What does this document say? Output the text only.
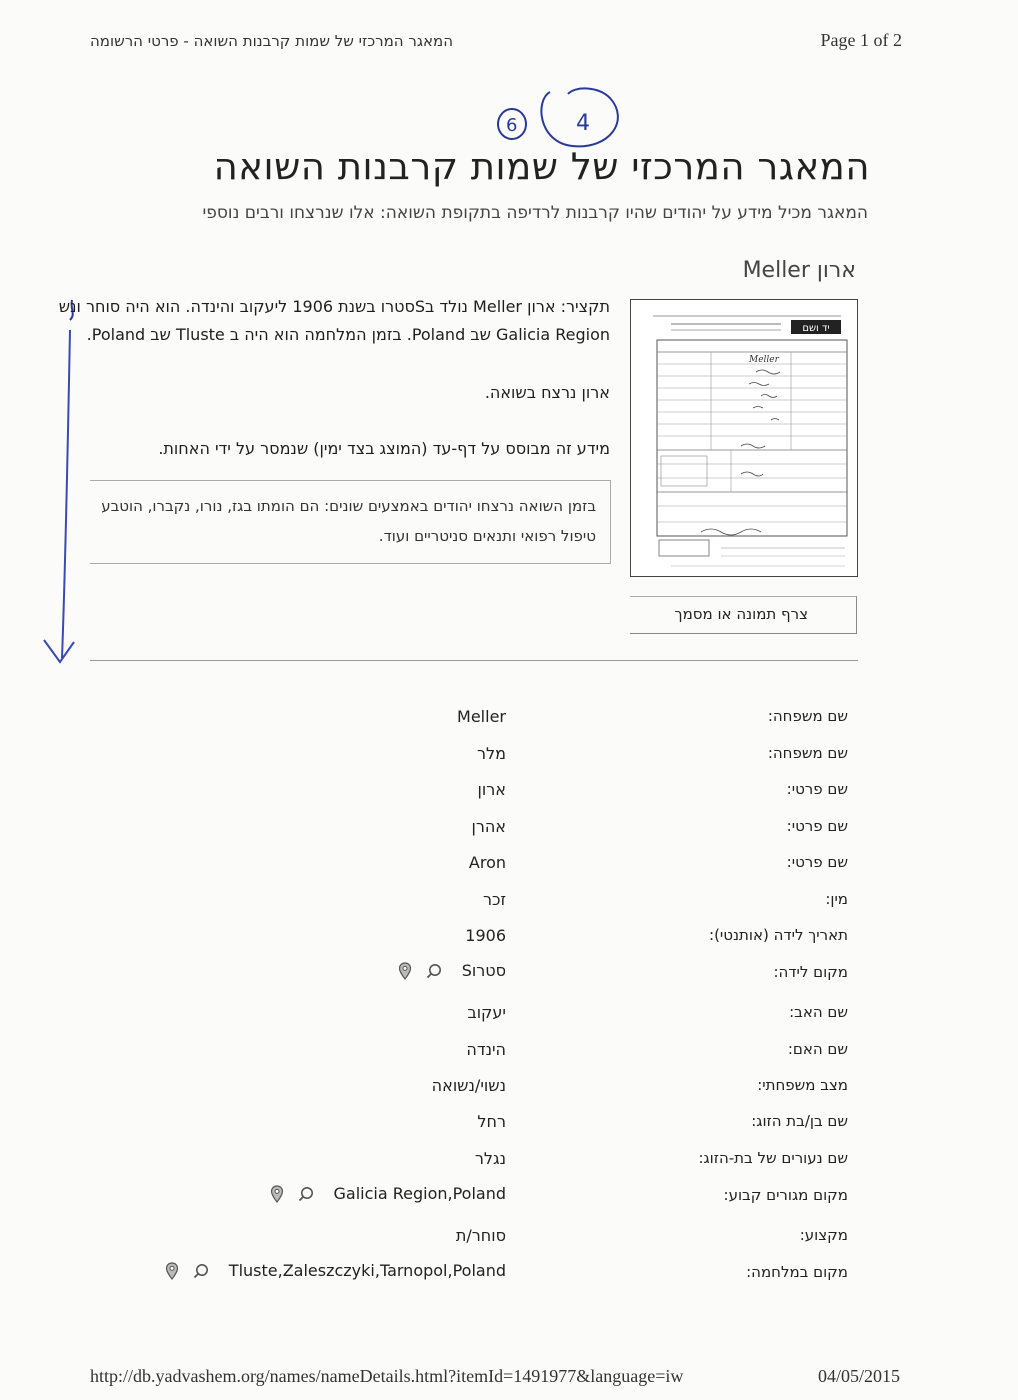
המאגר המרכזי של שמות קרבנות השואה - פרטי הרשומה	Page 1 of 2
6	4
המאגר המרכזי של שמות קרבנות השואה
המאגר מכיל מידע על יהודים שהיו קרבנות לרדיפה בתקופת השואה: אלו שנרצחו ורבים נוספי
ארון Meller
תקציר: ארון Meller נולד בSסטרו בשנת 1906 ליעקוב והינדה. הוא היה סוחר ונש
Galicia Region שב Poland. בזמן המלחמה הוא היה ב Tluste שב Poland.
ארון נרצח בשואה.
מידע זה מבוסס על דף-עד (המוצג בצד ימין) שנמסר על ידי האחות.
בזמן השואה נרצחו יהודים באמצעים שונים: הם הומתו בגז, נורו, נקברו, הוטבע
טיפול רפואי ותנאים סניטריים ועוד.
יד ושם
Meller
צרף תמונה או מסמך
שם משפחה:
Meller
שם משפחה:
מלר
שם פרטי:
ארון
שם פרטי:
אהרן
שם פרטי:
Aron
מין:
זכר
תאריך לידה (אותנטי):
1906
מקום לידה:
Sסטרו
שם האב:
יעקוב
שם האם:
הינדה
מצב משפחתי:
נשוי/נשואה
שם בן/בת הזוג:
רחל
שם נעורים של בת-הזוג:
נגלר
מקום מגורים קבוע:
Galicia Region,Poland
מקצוע:
סוחר/ת
מקום במלחמה:
Tluste,Zaleszczyki,Tarnopol,Poland
http://db.yadvashem.org/names/nameDetails.html?itemId=1491977&language=iw	04/05/2015
